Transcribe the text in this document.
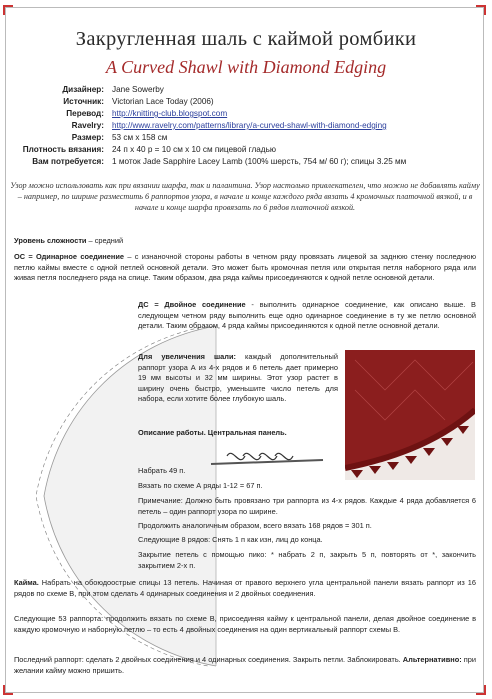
Закругленная шаль с каймой ромбики
A Curved Shawl with Diamond Edging
Дизайнер: Jane Sowerby
Источник: Victorian Lace Today (2006)
Перевод: http://knitting-club.blogspot.com
Ravelry: http://www.ravelry.com/patterns/library/a-curved-shawl-with-diamond-edging
Размер: 53 см x 158 см
Плотность вязания: 24 п x 40 р = 10 см x 10 см пицевой гладью
Вам потребуется: 1 моток Jade Sapphire Lacey Lamb (100% шерсть, 754 м/ 60 г); спицы 3.25 мм
Узор можно использовать как при вязании шарфа, так и палантина. Узор настолько привлекателен, что можно не добавлять кайму – например, по ширине разместить 6 раппортов узора, в начале и конце каждого ряда вязать 4 кромочных платочной вязкой, и в начале и конце шарфа провязать по 6 рядов платочной вязкой.
Уровень сложности – средний
ОС = Одинарное соединение – с изнаночной стороны работы в четном ряду провязать лицевой за заднюю стенку последнюю петлю каймы вместе с одной петлей основной детали. Это может быть кромочная петля или открытая петля наборного ряда или живая петля последнего ряда на спице. Таким образом, два ряда каймы присоединяются к одной петле основной детали.
ДС = Двойное соединение - выполнить одинарное соединение, как описано выше. В следующем четном ряду выполнить еще одно одинарное соединение в ту же петлю основной детали. Таким образом, 4 ряда каймы присоединяются к одной петле основной детали.
Для увеличения шали: каждый дополнительный раппорт узора А из 4-х рядов и 6 петель дает примерно 19 мм высоты и 32 мм ширины. Этот узор растет в ширину очень быстро, уменьшите число петель для набора, если хотите более глубокую шаль.
Описание работы. Центральная панель.
Набрать 49 п.
Вязать по схеме А ряды 1-12 = 67 п.
Примечание: Должно быть провязано три раппорта из 4-х рядов. Каждые 4 ряда добавляется 6 петель – один раппорт узора по ширине.
Продолжить аналогичным образом, всего вязать 168 рядов = 301 п.
Следующие 8 рядов: Снять 1 п как изн, лиц до конца.
Закрытие петель с помощью пико: * набрать 2 п, закрыть 5 п, повторять от *, закончить закрытием 2-х п.
Кайма. Набрать на обоюдоострые спицы 13 петель. Начиная от правого верхнего угла центральной панели вязать раппорт из 16 рядов по схеме B, при этом сделать 4 одинарных соединения и 2 двойных соединения.
Следующие 53 раппорта: продолжить вязать по схеме B, присоединяя кайму к центральной панели, делая двойное соединение в каждую кромочную и наборную петлю – то есть 4 двойных соединения на один вертикальный раппорт схемы B.
Последний раппорт: сделать 2 двойных соединения и 4 одинарных соединения. Закрыть петли. Заблокировать. Альтернативно: при желании кайму можно пришить.
